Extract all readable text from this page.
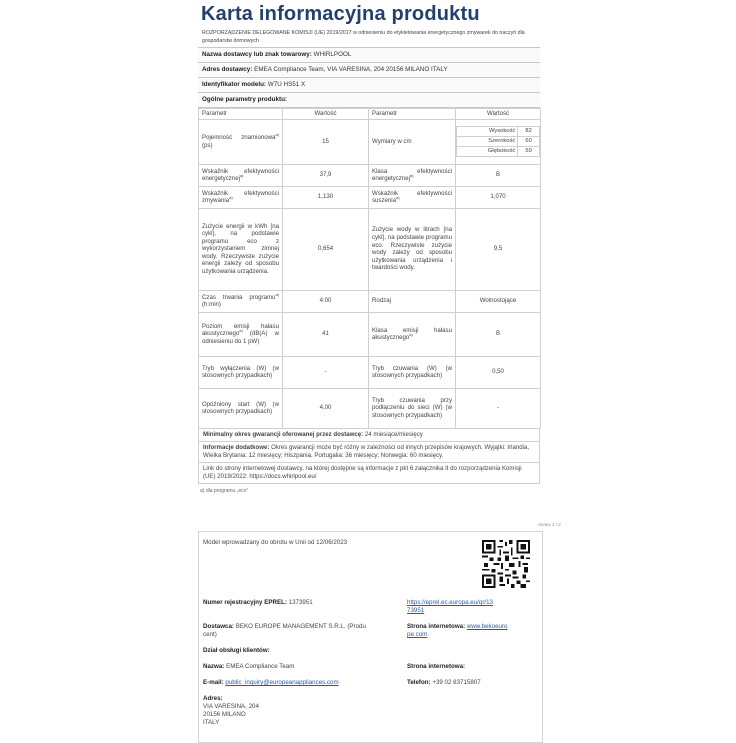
Karta informacyjna produktu
ROZPORZĄDZENIE DELEGOWANE KOMISJI (UE) 2019/2017 w odniesieniu do etykietowania energetycznego zmywarek do naczyń dla gospodarstw domowych
Nazwa dostawcy lub znak towarowy: WHIRLPOOL
Adres dostawcy: EMEA Compliance Team, VIA VARESINA, 204 20156 MILANO ITALY
Identyfikator modelu: W7U HS51 X
Ogólne parametry produktu:
Parametr	Wartość	Parametr	Wartość
Pojemność znamionowa$^{a)}$ (ps)	15	Wymiary w cm	
Wysokość	82
Szerokość	60
Głębokość	59

Wskaźnik efektywności energetycznej$^{a)}$	37,9	Klasa efektywności energetycznej$^{a)}$	B
Wskaźnik efektywności zmywania$^{a)}$	1,130	Wskaźnik efektywności suszenia$^{a)}$	1,070
Zużycie energii w kWh [na cykl], na podstawie programu eco z wykorzystaniem zimnej wody. Rzeczywiste zużycie energii zależy od sposobu użytkowania urządzenia.	0,654	Zużycie wody w litrach [na cykl], na podstawie programu eco. Rzeczywiste zużycie wody zależy od sposobu użytkowania urządzenia i twardości wody.	9,5
Czas trwania programu$^{a)}$ (h:min)	4:00	Rodzaj	Wolnostojące
Poziom emisji hałasu akustycznego$^{a)}$ (dB(A) w odniesieniu do 1 pW)	41	Klasa emisji hałasu akustycznego$^{a)}$	B
Tryb wyłączenia (W) (w stosownych przypadkach)	-	Tryb czuwania (W) (w stosownych przypadkach)	0,50
Opóźniony start (W) (w stosownych przypadkach)	4,00	Tryb czuwania przy podłączeniu do sieci (W) (w stosownych przypadkach)	-
Minimalny okres gwarancji oferowanej przez dostawcę: 24 miesiące/miesięcy
Informacje dodatkowe: Okres gwarancji może być różny w zależności od innych przepisów krajowych. Wyjątki: Irlandia, Wielka Brytania: 12 miesięcy; Hiszpania, Portugalia: 36 miesięcy; Norwegia: 60 miesięcy.
Link do strony internetowej dostawcy, na której dostępne są informacje z pkt 6 załącznika II do rozporządzenia Komisji (UE) 2019/2022: https://docs.whirlpool.eu/
a) dla programu „eco”
Annex 1 / 2
Model wprowadzany do obrotu w Unii od 12/06/2023
Numer rejestracyjny EPREL: 1373951	https://eprel.ec.europa.eu/qr/13
73951
Dostawca: BEKO EUROPE MANAGEMENT S.R.L. (Produ
cent)
Strona internetowa: www.bekoeuro
pe.com
Dział obsługi klientów:
Nazwa: EMEA Compliance Team	Strona internetowa:
E-mail: public_inquiry@europeanappliances.com	Telefon: +39 02 83715807
Adres:
VIA VARESINA, 204
20156 MILANO
ITALY
